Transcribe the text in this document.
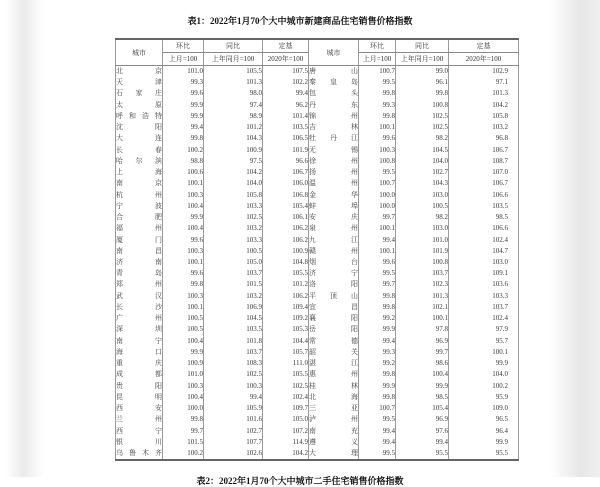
表1：2022年1月70个大中城市新建商品住宅销售价格指数
城市	环比	同比	定基	城市	环比	同比	定基
	上月=100	上年同月=100	2020年=100		上月=100	上年同月=100	2020年=100
北京	101.0	105.5	107.5	唐山	100.7	99.0	102.9
天津	99.3	101.3	102.2	秦皇岛	99.5	96.1	97.1
石家庄	99.6	98.0	99.4	包头	99.8	99.8	101.3
太原	99.9	97.4	96.2	丹东	99.3	100.8	104.2
呼和浩特	99.9	98.9	101.4	锦州	99.8	102.5	105.8
沈阳	99.4	101.2	103.5	吉林	100.1	102.5	103.2
大连	99.8	104.3	106.5	牡丹江	99.6	98.2	96.8
长春	100.2	100.9	101.9	无锡	100.3	104.5	106.7
哈尔滨	98.8	97.5	96.6	徐州	100.8	104.0	108.7
上海	100.6	104.2	106.7	扬州	99.5	102.7	107.0
南京	100.1	104.0	106.0	温州	100.7	104.3	106.7
杭州	100.3	105.8	106.8	金华	100.0	103.0	106.6
宁波	100.4	103.3	105.4	蚌埠	100.0	100.5	103.5
合肥	99.9	102.5	106.1	安庆	99.7	98.2	98.5
福州	100.4	103.2	106.2	泉州	100.1	103.0	106.6
厦门	99.6	103.3	106.2	九江	99.4	101.0	102.4
南昌	100.3	100.5	100.9	赣州	100.1	101.9	104.7
济南	100.1	105.0	104.8	烟台	99.6	100.8	103.0
青岛	99.6	103.7	105.5	济宁	99.5	103.7	109.1
郑州	99.8	101.5	101.2	洛阳	99.7	102.3	103.6
武汉	100.3	103.2	106.2	平顶山	99.8	101.3	103.3
长沙	100.1	106.9	109.4	宜昌	99.8	102.1	103.7
广州	100.5	104.5	109.2	襄阳	99.2	100.1	102.4
深圳	100.5	103.5	105.3	岳阳	99.9	97.8	97.9
南宁	100.4	101.8	104.4	常德	99.4	96.9	95.7
海口	99.9	103.7	105.7	韶关	99.3	99.7	100.1
重庆	100.9	108.3	111.0	湛江	99.2	98.6	99.9
成都	101.0	102.5	105.5	惠州	99.8	100.4	104.0
贵阳	100.3	100.3	102.5	桂林	99.9	99.9	100.2
昆明	100.4	99.4	102.4	北海	99.8	98.5	95.9
西安	100.0	105.9	109.7	三亚	100.7	105.4	109.0
兰州	99.8	101.6	105.0	泸州	99.5	96.9	96.5
西宁	99.7	102.7	107.2	南充	99.4	97.6	96.4
银川	101.5	107.7	114.9	遵义	99.4	99.4	99.9
乌鲁木齐	100.2	102.6	104.2	大理	99.5	95.5	95.5
表2：2022年1月70个大中城市二手住宅销售价格指数
